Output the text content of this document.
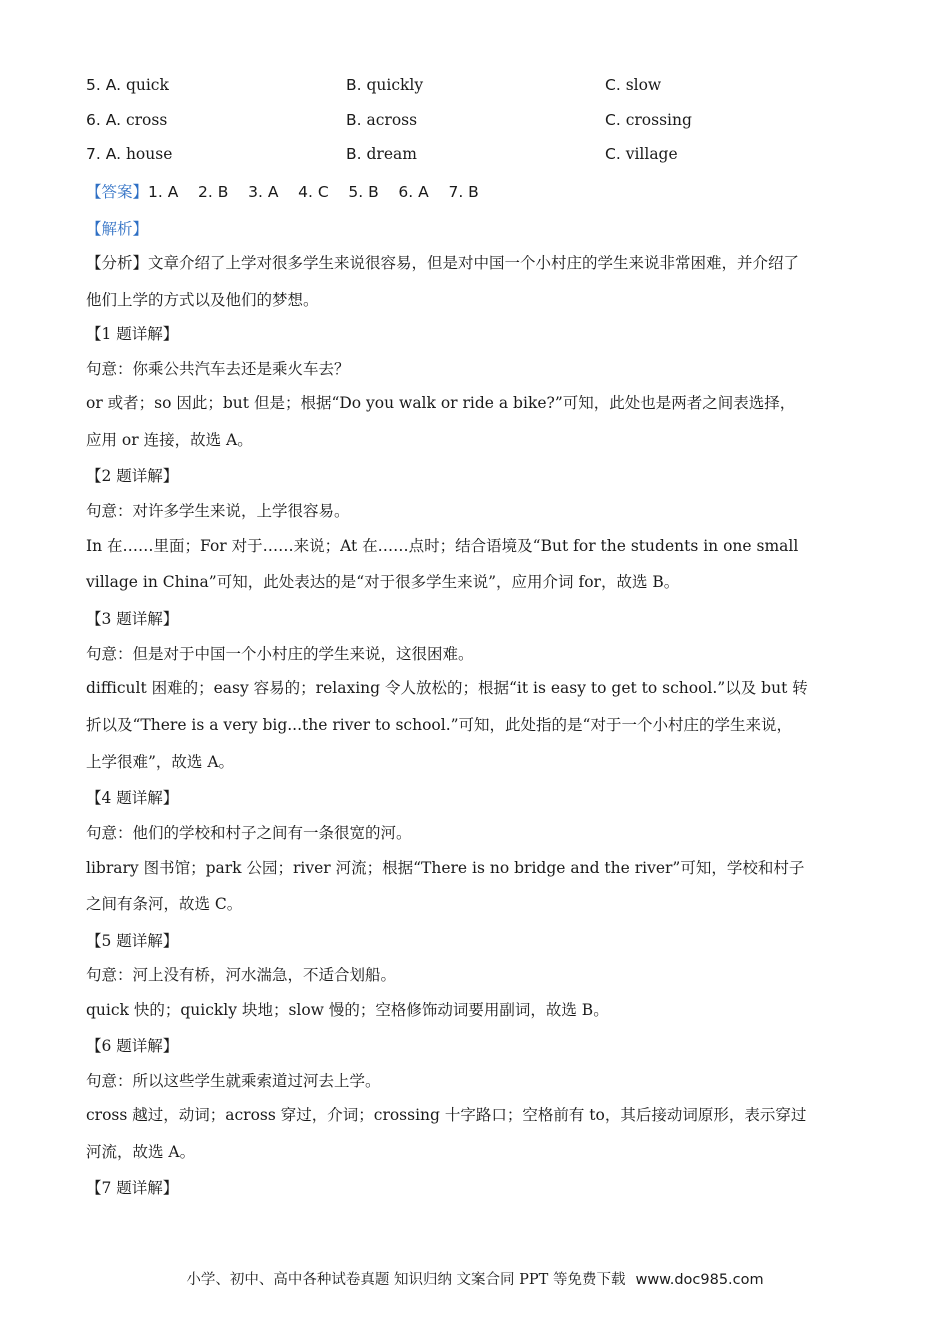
5. A. quick	B. quickly	C. slow
6. A. cross	B. across	C. crossing
7. A. house	B. dream	C. village
【答案】1. A    2. B    3. A    4. C    5. B    6. A    7. B
【解析】
【分析】文章介绍了上学对很多学生来说很容易，但是对中国一个小村庄的学生来说非常困难，并介绍了
他们上学的方式以及他们的梦想。
【1 题详解】
句意：你乘公共汽车去还是乘火车去？
or 或者；so 因此；but 但是；根据“Do you walk or ride a bike?”可知，此处也是两者之间表选择，
应用 or 连接，故选 A。
【2 题详解】
句意：对许多学生来说，上学很容易。
In 在……里面；For 对于……来说；At 在……点时；结合语境及“But for the students in one small
village in China”可知，此处表达的是“对于很多学生来说”，应用介词 for，故选 B。
【3 题详解】
句意：但是对于中国一个小村庄的学生来说，这很困难。
difficult 困难的；easy 容易的；relaxing 令人放松的；根据“it is easy to get to school.”以及 but 转
折以及“There is a very big...the river to school.”可知，此处指的是“对于一个小村庄的学生来说，
上学很难”，故选 A。
【4 题详解】
句意：他们的学校和村子之间有一条很宽的河。
library 图书馆；park 公园；river 河流；根据“There is no bridge and the river”可知，学校和村子
之间有条河，故选 C。
【5 题详解】
句意：河上没有桥，河水湍急，不适合划船。
quick 快的；quickly 块地；slow 慢的；空格修饰动词要用副词，故选 B。
【6 题详解】
句意：所以这些学生就乘索道过河去上学。
cross 越过，动词；across 穿过，介词；crossing 十字路口；空格前有 to，其后接动词原形，表示穿过
河流，故选 A。
【7 题详解】
小学、初中、高中各种试卷真题 知识归纳 文案合同 PPT 等免费下载 www.doc985.com
